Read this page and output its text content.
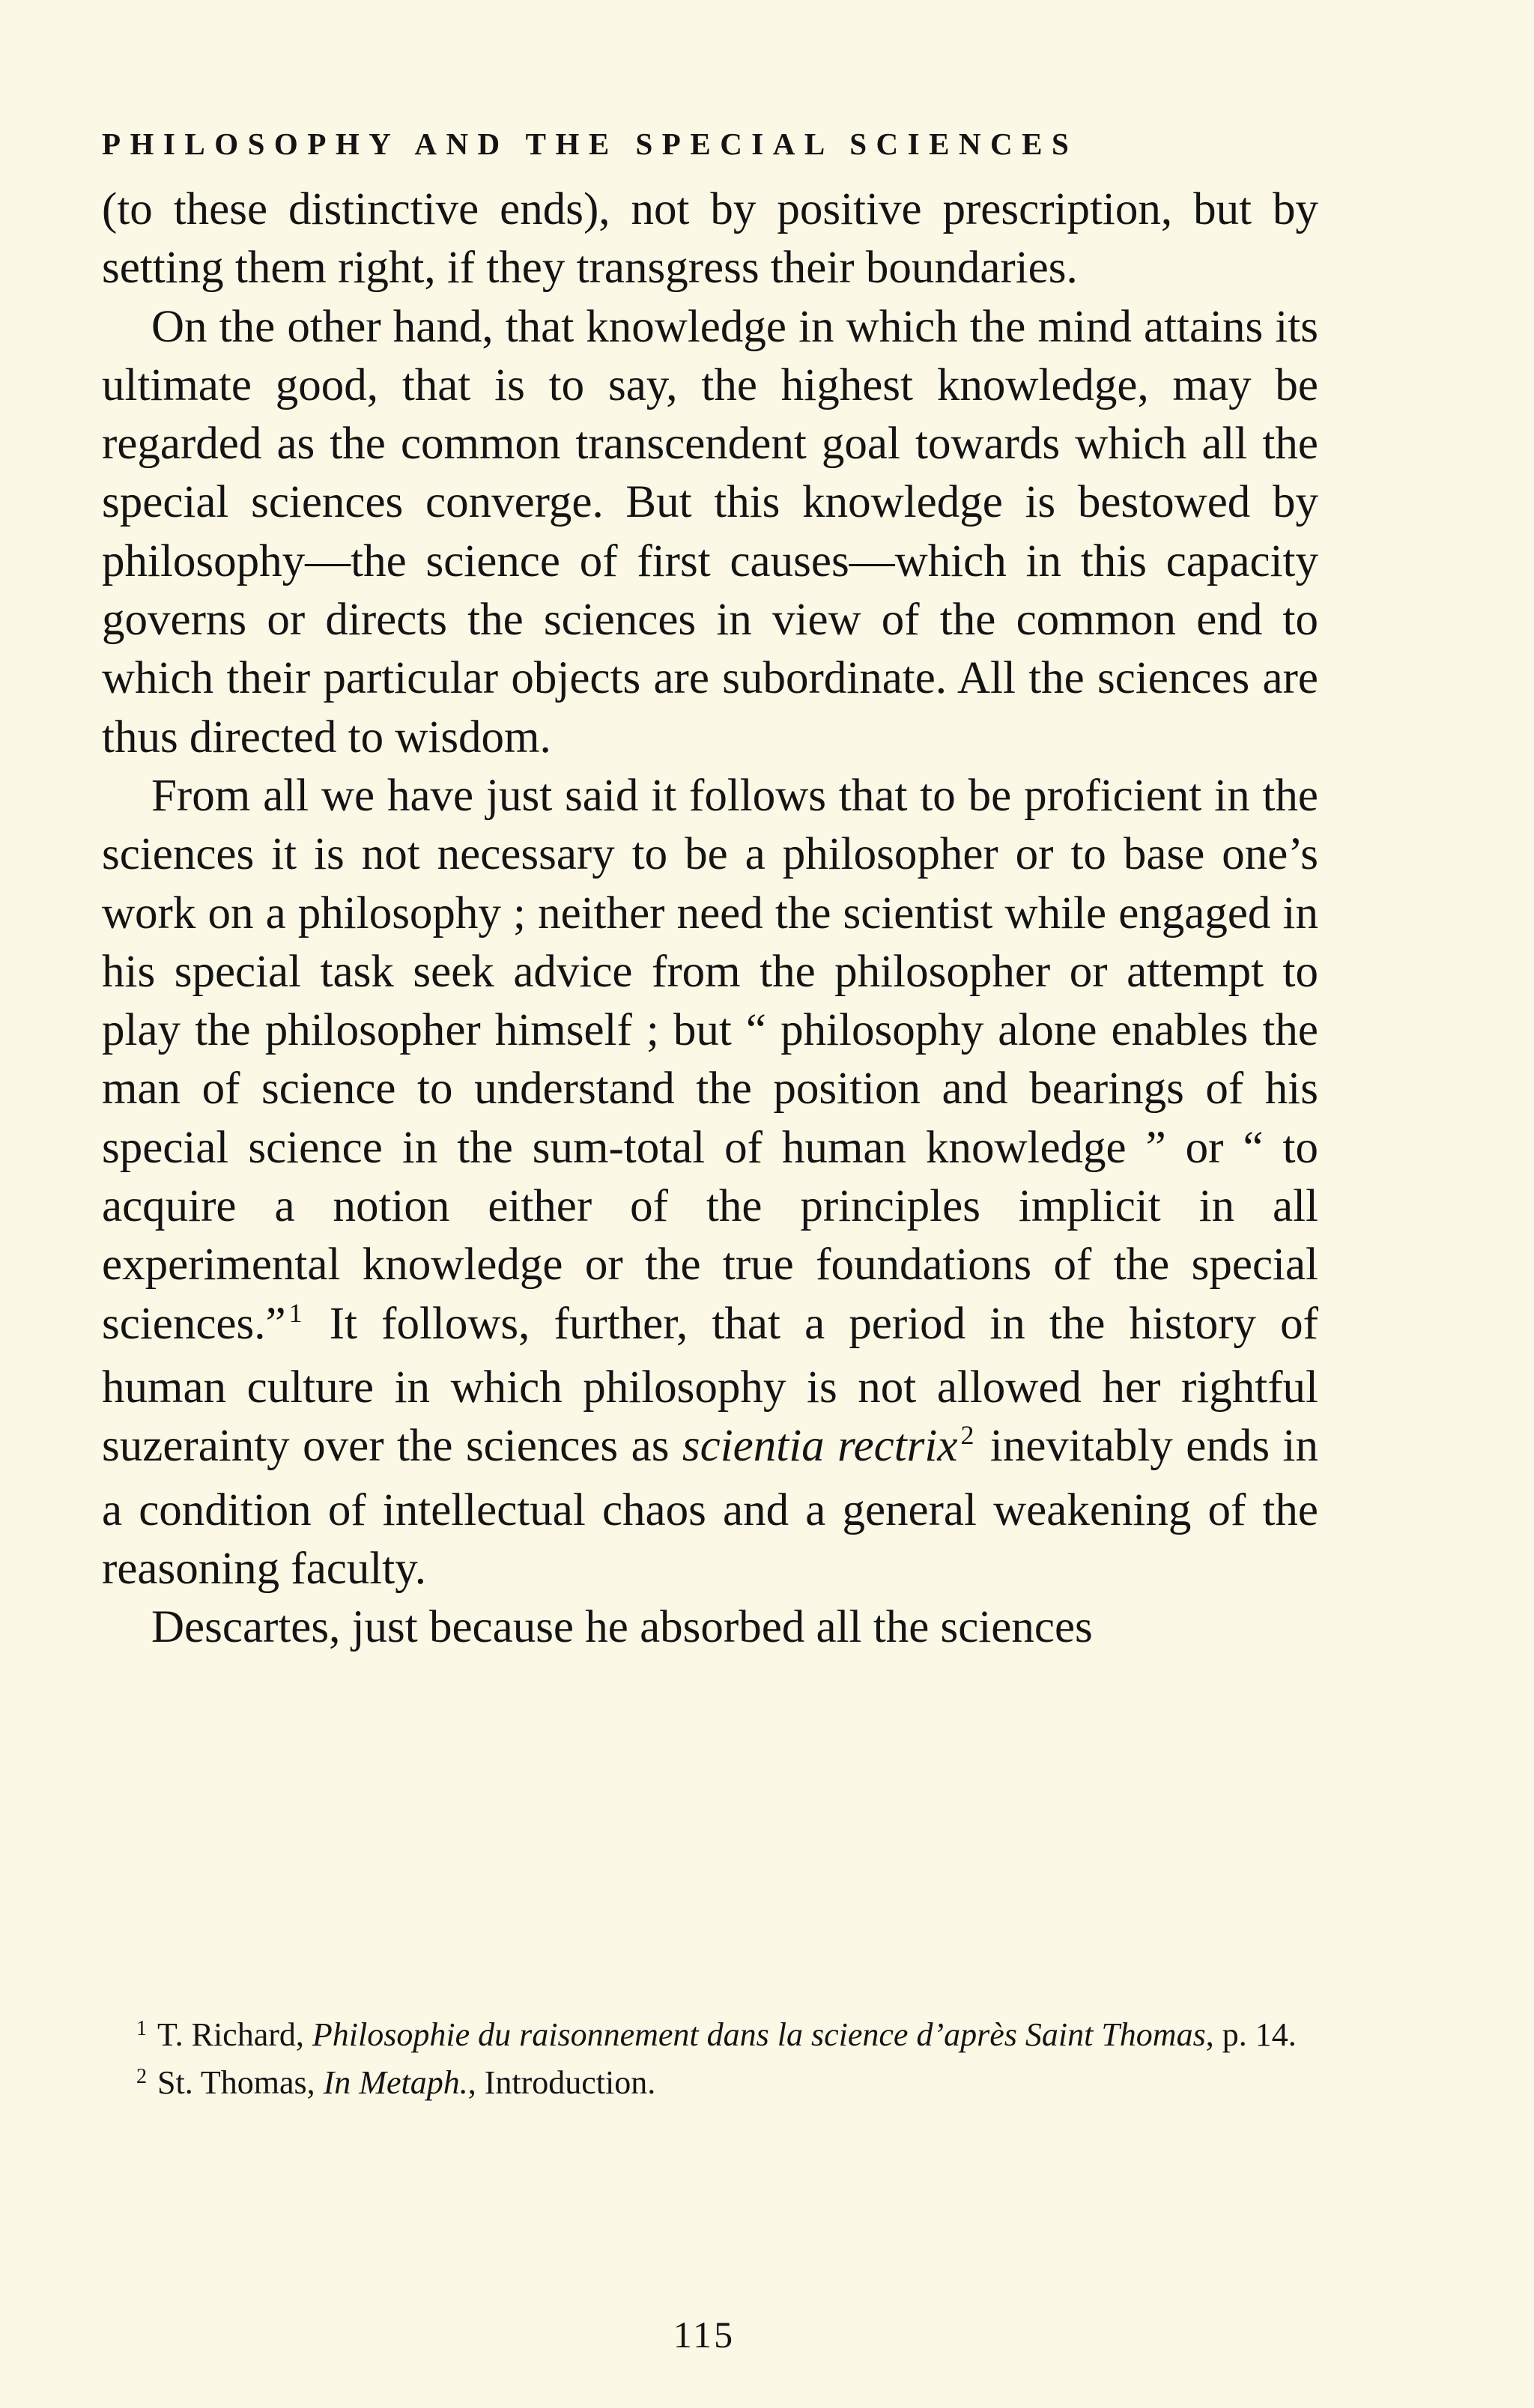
PHILOSOPHY AND THE SPECIAL SCIENCES

(to these distinctive ends), not by positive prescription, but by setting them right, if they transgress their boundaries.

On the other hand, that knowledge in which the mind attains its ultimate good, that is to say, the highest knowledge, may be regarded as the common transcendent goal towards which all the special sciences converge. But this knowledge is bestowed by philosophy—the science of first causes—which in this capacity governs or directs the sciences in view of the common end to which their particular objects are subordinate. All the sciences are thus directed to wisdom.

From all we have just said it follows that to be proficient in the sciences it is not necessary to be a philosopher or to base one’s work on a philosophy ; neither need the scientist while engaged in his special task seek advice from the philosopher or attempt to play the philosopher himself ; but “ philosophy alone enables the man of science to understand the position and bearings of his special science in the sum-total of human knowledge ” or “ to acquire a notion either of the principles implicit in all experimental knowledge or the true foundations of the special sciences.” $^1$ It follows, further, that a period in the history of human culture in which philosophy is not allowed her rightful suzerainty over the sciences as scientia rectrix $^2$ inevitably ends in a condition of intellectual chaos and a general weakening of the reasoning faculty.

Descartes, just because he absorbed all the sciences

$^1$ T. Richard, Philosophie du raisonnement dans la science d’après Saint Thomas, p. 14.

$^2$ St. Thomas, In Metaph., Introduction.

115
